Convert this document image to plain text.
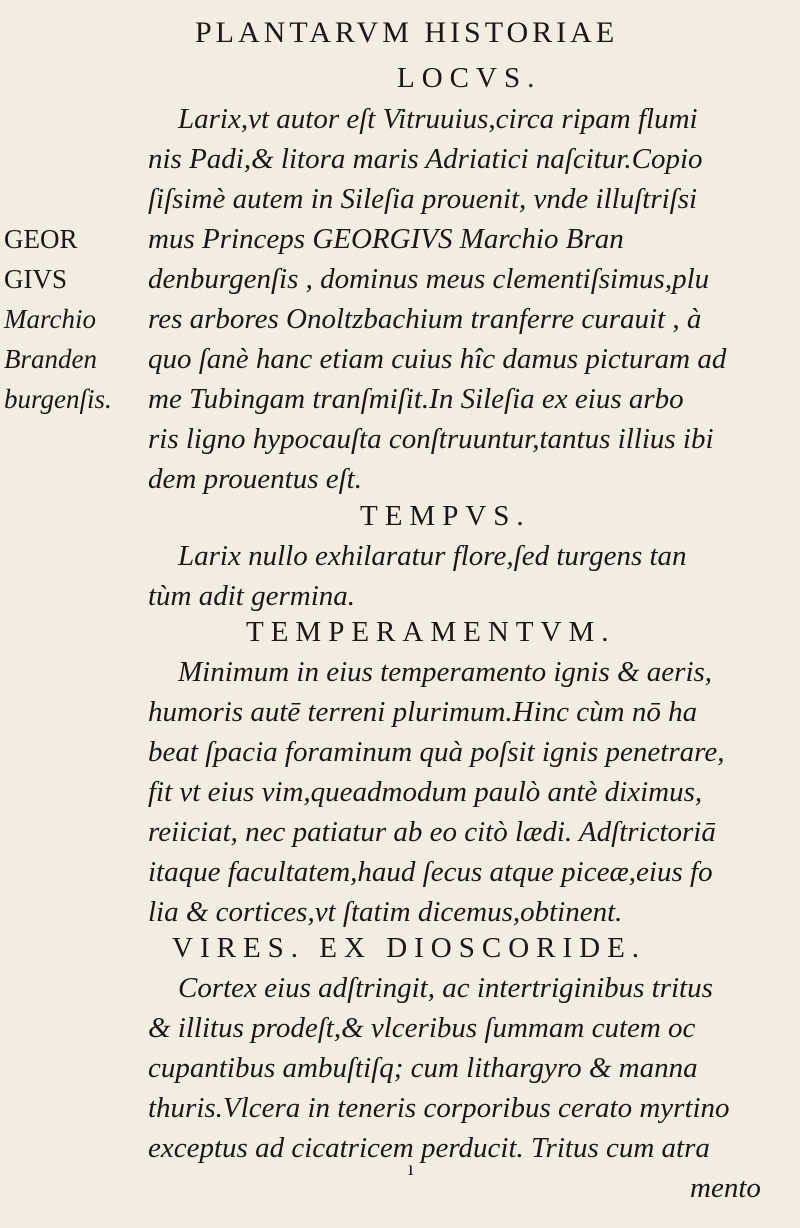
PLANTARVM HISTORIAE
LOCVS.
Larix,vt autor eſt Vitruuius,circa ripam flumi
nis Padi,& litora maris Adriatici naſcitur.Copio
ſiſsimè autem in Sileſia prouenit, vnde illuſtriſsi
mus Princeps GEORGIVS Marchio Bran
denburgenſis , dominus meus clementiſsimus,plu
res arbores Onoltzbachium tranferre curauit , à
quo ſanè hanc etiam cuius hîc damus picturam ad
me Tubingam tranſmiſit.In Sileſia ex eius arbo
ris ligno hypocauſta conſtruuntur,tantus illius ibi
dem prouentus eſt.
GEOR
GIVS
Marchio
Branden
burgenſis.
TEMPVS.
Larix nullo exhilaratur flore,ſed turgens tan
tùm adit germina.
TEMPERAMENTVM.
Minimum in eius temperamento ignis & aeris,
humoris autē terreni plurimum.Hinc cùm nō ha
beat ſpacia foraminum quà poſsit ignis penetrare,
fit vt eius vim,queadmodum paulò antè diximus,
reiiciat, nec patiatur ab eo citò lædi. Adſtrictoriā
itaque facultatem,haud ſecus atque piceæ,eius fo
lia & cortices,vt ſtatim dicemus,obtinent.
VIRES. EX DIOSCORIDE.
Cortex eius adſtringit, ac intertriginibus tritus
& illitus prodeſt,& vlceribus ſummam cutem oc
cupantibus ambuſtiſq; cum lithargyro & manna
thuris.Vlcera in teneris corporibus cerato myrtino
exceptus ad cicatricem perducit. Tritus cum atra
mento
ı
